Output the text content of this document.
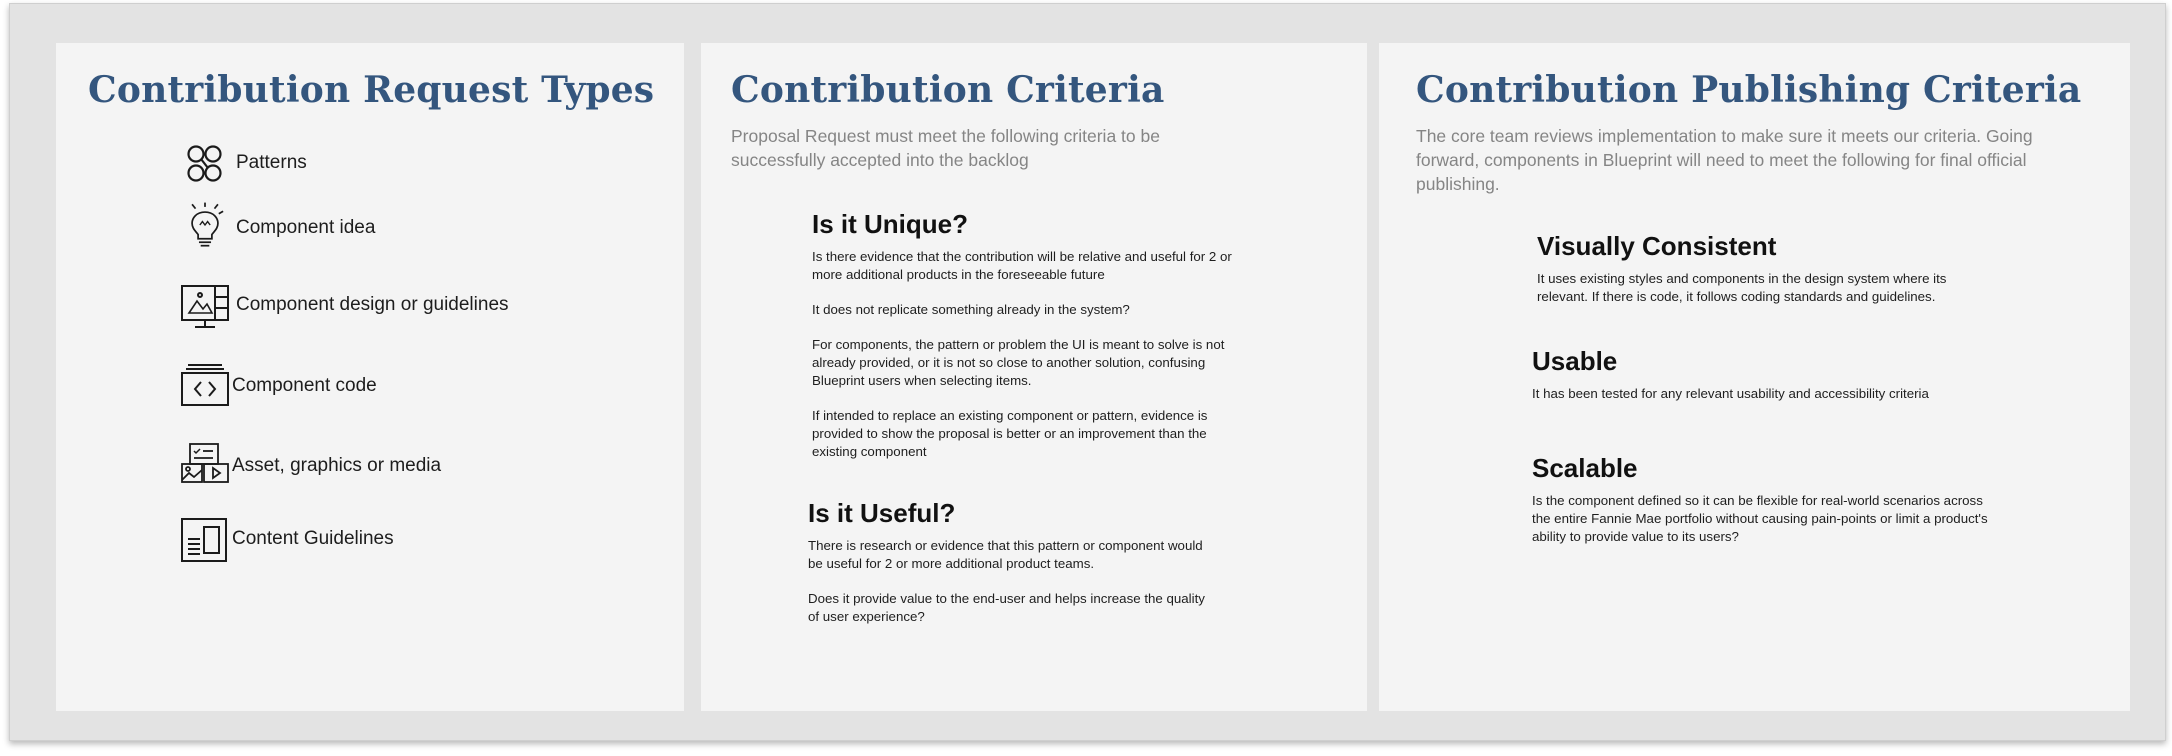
Contribution Request Types
Patterns
Component idea
Component design or guidelines
Component code
Asset, graphics or media
Content Guidelines
Contribution Criteria

Proposal Request must meet the following criteria to be successfully accepted into the backlog

Is it Unique?

Is there evidence that the contribution will be relative and useful for 2 or more additional products in the foreseeable future

It does not replicate something already in the system?

For components, the pattern or problem the UI is meant to solve is not already provided, or it is not so close to another solution, confusing Blueprint users when selecting items.

If intended to replace an existing component or pattern, evidence is provided to show the proposal is better or an improvement than the existing component

Is it Useful?

There is research or evidence that this pattern or component would be useful for 2 or more additional product teams.

Does it provide value to the end-user and helps increase the quality of user experience?

Contribution Publishing Criteria

The core team reviews implementation to make sure it meets our criteria. Going forward, components in Blueprint will need to meet the following for final official publishing.

Visually Consistent

It uses existing styles and components in the design system where its relevant. If there is code, it follows coding standards and guidelines.

Usable

It has been tested for any relevant usability and accessibility criteria

Scalable

Is the component defined so it can be flexible for real-world scenarios across the entire Fannie Mae portfolio without causing pain-points or limit a product's ability to provide value to its users?
